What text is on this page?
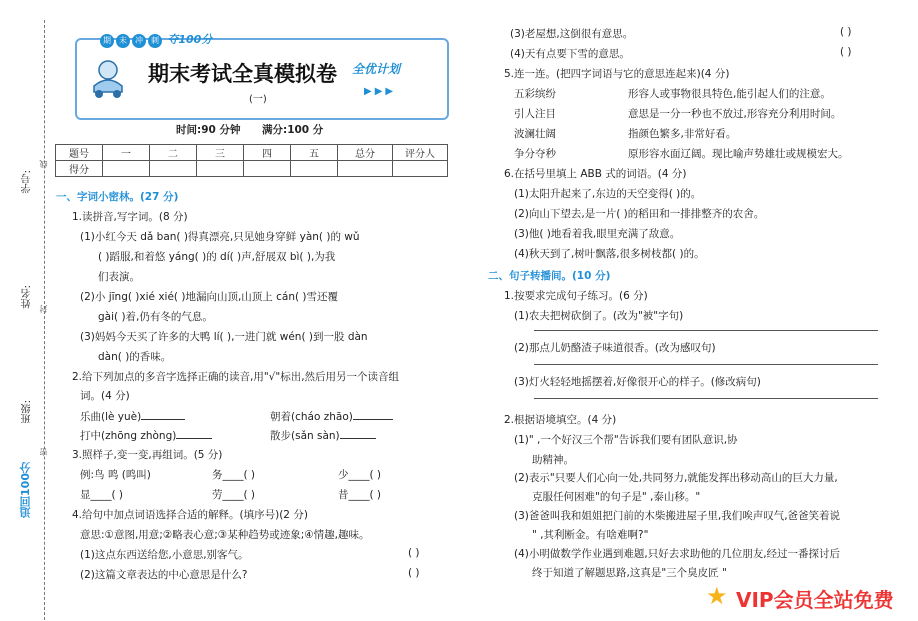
学号:
姓名:
班级:
线
封
密
追回100分
期 末 冲 刺 夺100分
期末考试全真模拟卷
(一)
全优计划
▶▶▶
时间:90 分钟 满分:100 分
题号	一	二	三	四	五	总分	评分人
得分							
一、字词小密林。(27 分)
1.读拼音,写字词。(8 分)
(1)小红今天 dǎ ban( )得真漂亮,只见她身穿鲜 yàn( )的 wǔ
( )蹈服,和着悠 yáng( )的 dí( )声,舒展双 bì( ),为我
们表演。
(2)小 jīng( )xié xié( )地漏向山顶,山顶上 cán( )雪还覆
gài( )着,仍有冬的气息。
(3)妈妈今天买了许多的大鸭 lí( ),一进门就 wén( )到一股 dàn
dàn( )的香味。
2.给下列加点的多音字选择正确的读音,用"√"标出,然后用另一个读音组
词。(4 分)
乐曲(lè yuè)	朝着(cháo zhāo)
打中(zhōng zhòng)	散步(sǎn sàn)
3.照样子,变一变,再组词。(5 分)
例:鸟 鸣 (鸣叫)	务____( )	少____( )
显____( )	劳____( )	昔____( )
4.给句中加点词语选择合适的解释。(填序号)(2 分)
意思:①意图,用意;②略表心意;③某种趋势或迹象;④情趣,趣味。
(1)这点东西送给您,小意思,别客气。	( )
(2)这篇文章表达的中心意思是什么?	( )
(3)老屋想,这倒很有意思。	( )
(4)天有点要下雪的意思。	( )
5.连一连。(把四字词语与它的意思连起来)(4 分)
五彩缤纷	形容人或事物很具特色,能引起人们的注意。
引人注目	意思是一分一秒也不放过,形容充分利用时间。
波澜壮阔	指颜色繁多,非常好看。
争分夺秒	原形容水面辽阔。现比喻声势雄壮或规模宏大。
6.在括号里填上 ABB 式的词语。(4 分)
(1)太阳升起来了,东边的天空变得( )的。
(2)向山下望去,是一片( )的稻田和一排排整齐的农舍。
(3)他( )地看着我,眼里充满了敌意。
(4)秋天到了,树叶飘落,很多树枝都( )的。
二、句子转播间。(10 分)
1.按要求完成句子练习。(6 分)
(1)农夫把树砍倒了。(改为"被"字句)
(2)那点儿奶酪渣子味道很香。(改为感叹句)
(3)灯火轻轻地摇摆着,好像很开心的样子。(修改病句)
2.根据语境填空。(4 分)
(1)" ,一个好汉三个帮"告诉我们要有团队意识,协
助精神。
(2)表示"只要人们心向一处,共同努力,就能发挥出移动高山的巨大力量,
克服任何困难"的句子是" ,泰山移。"
(3)爸爸叫我和姐姐把门前的木柴搬进屋子里,我们唉声叹气,爸爸笑着说
" ,其利断金。有啥难啊?"
(4)小明做数学作业遇到难题,只好去求助他的几位朋友,经过一番探讨后
终于知道了解题思路,这真是"三个臭皮匠 "
★ VIP会员全站免费
